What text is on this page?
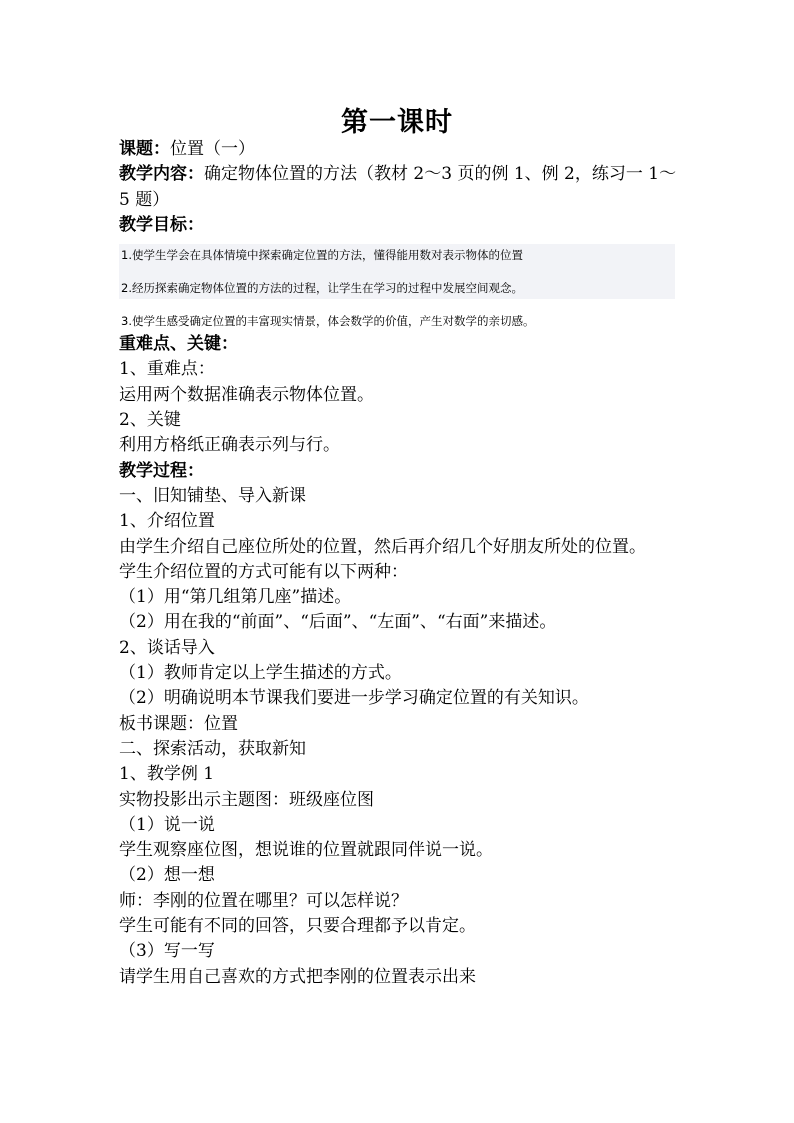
第一课时
课题：位置（一）
教学内容：确定物体位置的方法（教材 2～3 页的例 1、例 2，练习一 1～5 题）
教学目标：
1.使学生学会在具体情境中探索确定位置的方法，懂得能用数对表示物体的位置
2.经历探索确定物体位置的方法的过程，让学生在学习的过程中发展空间观念。
3.使学生感受确定位置的丰富现实情景，体会数学的价值，产生对数学的亲切感。
重难点、关键：
1、重难点：
运用两个数据准确表示物体位置。
2、关键
利用方格纸正确表示列与行。
教学过程：
一、旧知铺垫、导入新课
1、介绍位置
由学生介绍自己座位所处的位置，然后再介绍几个好朋友所处的位置。
学生介绍位置的方式可能有以下两种：
（1）用“第几组第几座”描述。
（2）用在我的“前面”、“后面”、“左面”、“右面”来描述。
2、谈话导入
（1）教师肯定以上学生描述的方式。
（2）明确说明本节课我们要进一步学习确定位置的有关知识。
板书课题：位置
二、探索活动，获取新知
1、教学例 1
实物投影出示主题图：班级座位图
（1）说一说
学生观察座位图，想说谁的位置就跟同伴说一说。
（2）想一想
师：李刚的位置在哪里？可以怎样说？
学生可能有不同的回答，只要合理都予以肯定。
（3）写一写
请学生用自己喜欢的方式把李刚的位置表示出来
